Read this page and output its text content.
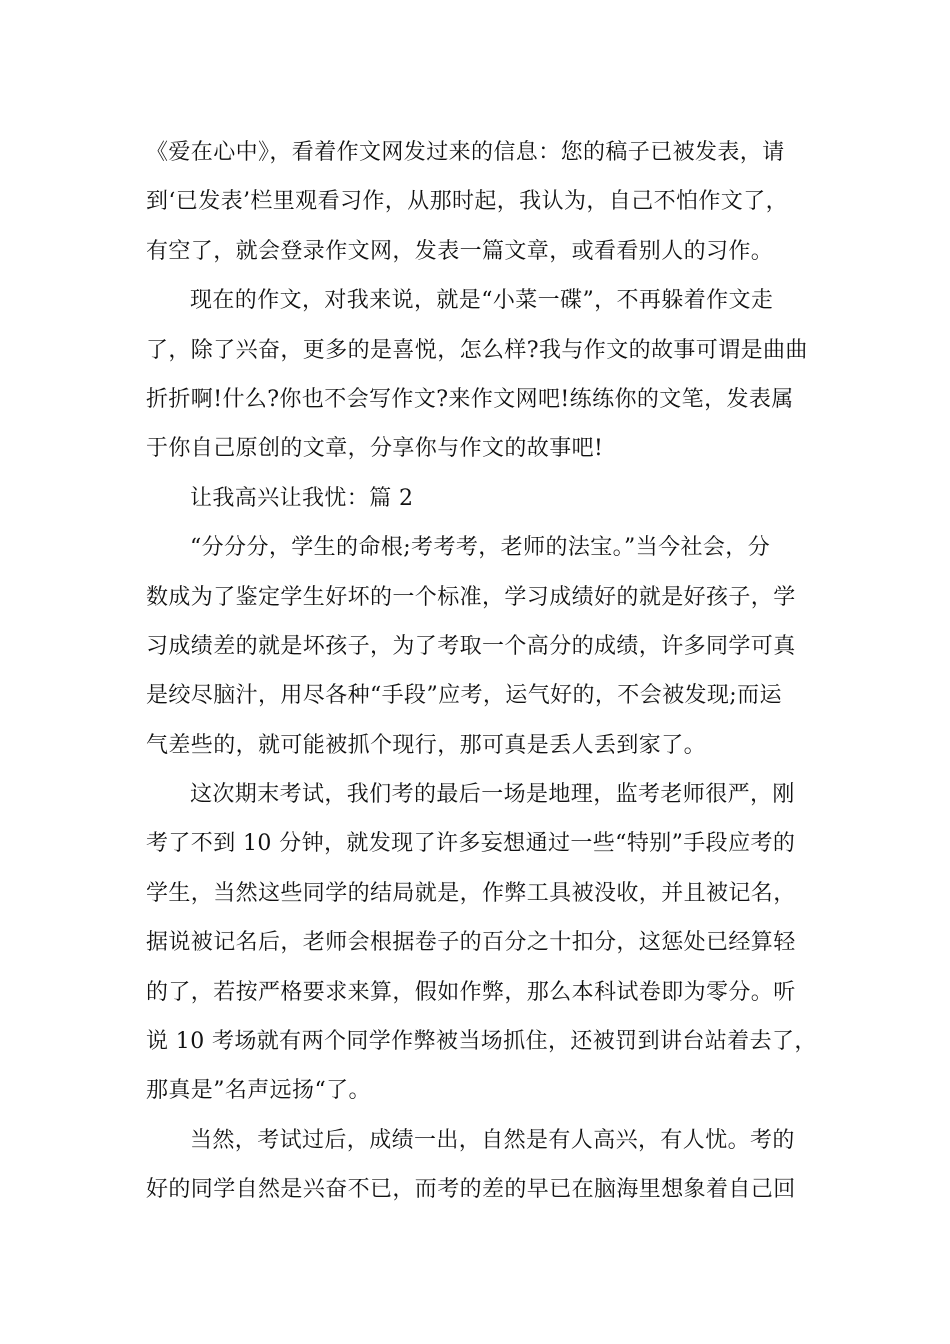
《爱在心中》，看着作文网发过来的信息：您的稿子已被发表，请
到‘已发表’栏里观看习作，从那时起，我认为，自己不怕作文了，
有空了，就会登录作文网，发表一篇文章，或看看别人的习作。
现在的作文，对我来说，就是“小菜一碟”，不再躲着作文走
了，除了兴奋，更多的是喜悦，怎么样?我与作文的故事可谓是曲曲
折折啊!什么?你也不会写作文?来作文网吧!练练你的文笔，发表属
于你自己原创的文章，分享你与作文的故事吧!
让我高兴让我忧：篇 2
“分分分，学生的命根;考考考，老师的法宝。”当今社会，分
数成为了鉴定学生好坏的一个标准，学习成绩好的就是好孩子，学
习成绩差的就是坏孩子，为了考取一个高分的成绩，许多同学可真
是绞尽脑汁，用尽各种“手段”应考，运气好的，不会被发现;而运
气差些的，就可能被抓个现行，那可真是丢人丢到家了。
这次期末考试，我们考的最后一场是地理，监考老师很严，刚
考了不到 10 分钟，就发现了许多妄想通过一些“特别”手段应考的
学生，当然这些同学的结局就是，作弊工具被没收，并且被记名，
据说被记名后，老师会根据卷子的百分之十扣分，这惩处已经算轻
的了，若按严格要求来算，假如作弊，那么本科试卷即为零分。听
说 10 考场就有两个同学作弊被当场抓住，还被罚到讲台站着去了，
那真是”名声远扬“了。
当然，考试过后，成绩一出，自然是有人高兴，有人忧。考的
好的同学自然是兴奋不已，而考的差的早已在脑海里想象着自己回
